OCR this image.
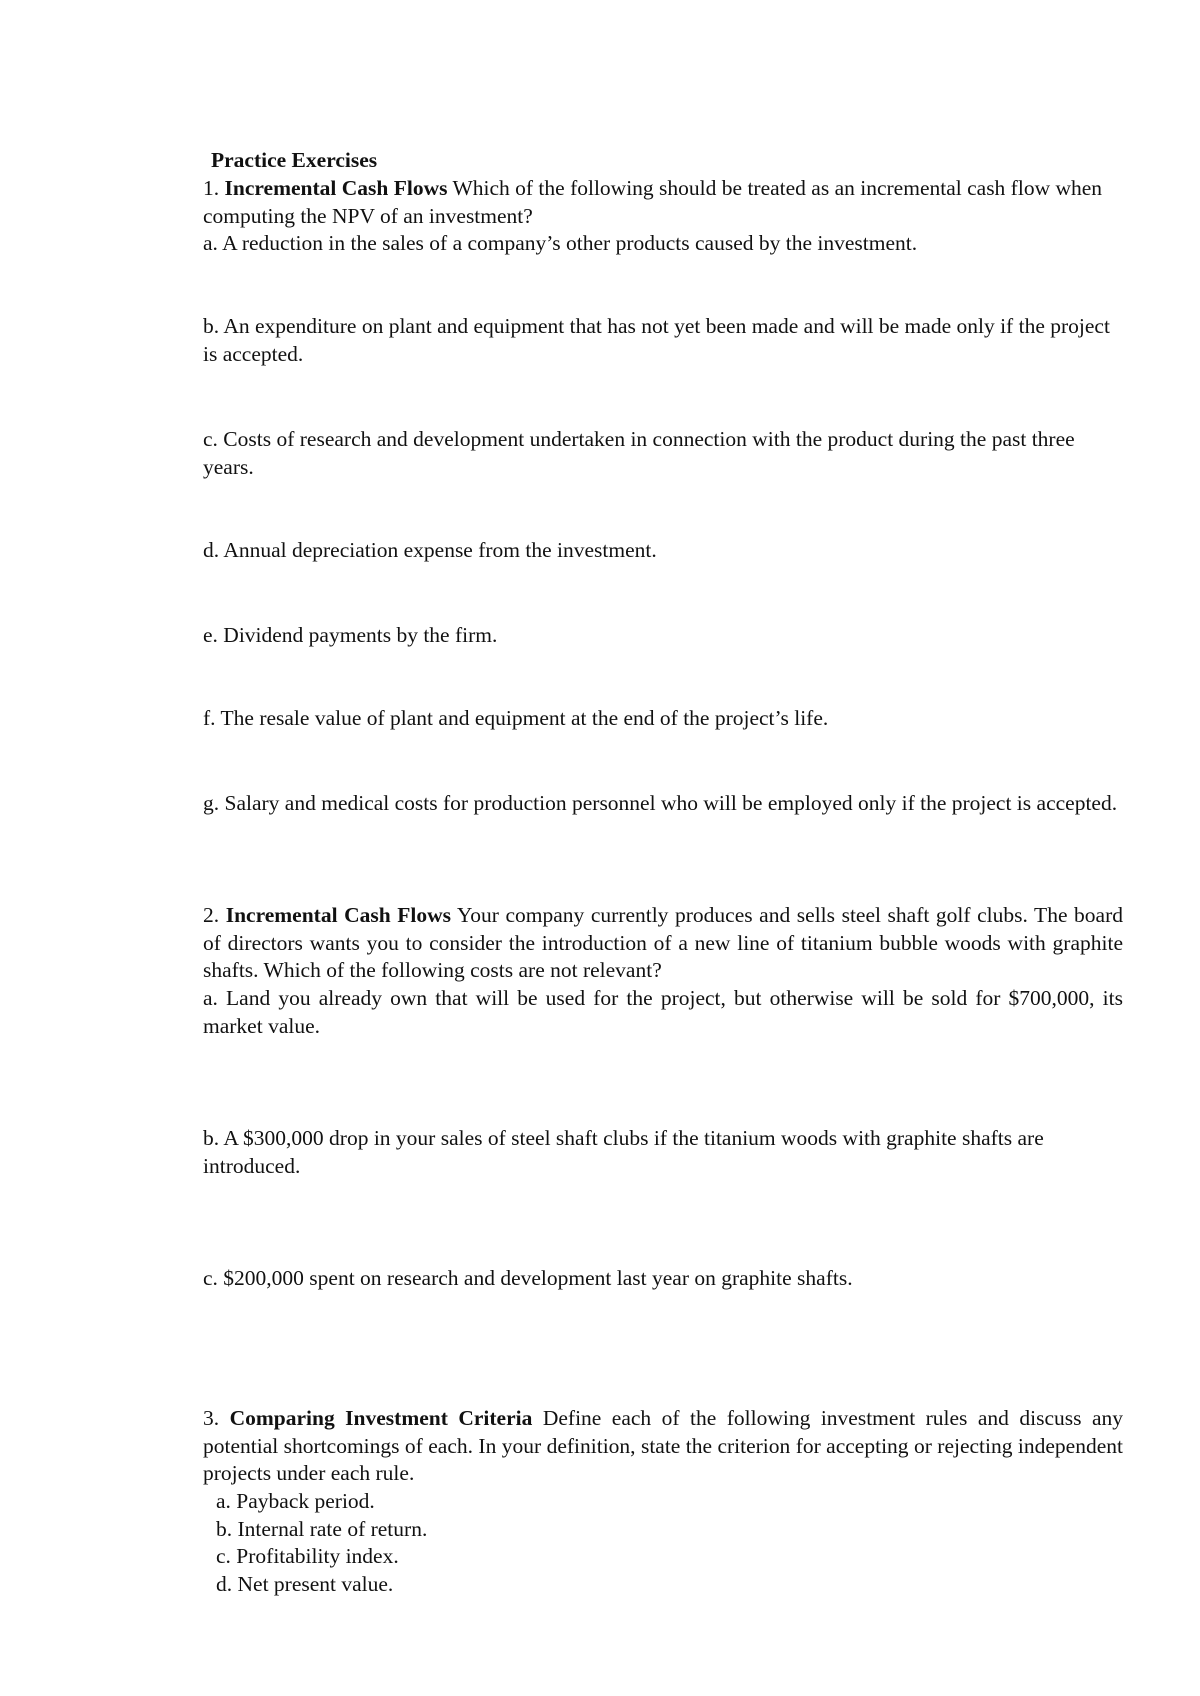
Practice Exercises
1. Incremental Cash Flows Which of the following should be treated as an incremental cash flow when computing the NPV of an investment?
a. A reduction in the sales of a company’s other products caused by the investment.
b. An expenditure on plant and equipment that has not yet been made and will be made only if the project is accepted.
c. Costs of research and development undertaken in connection with the product during the past three years.
d. Annual depreciation expense from the investment.
e. Dividend payments by the firm.
f. The resale value of plant and equipment at the end of the project’s life.
g. Salary and medical costs for production personnel who will be employed only if the project is accepted.
2. Incremental Cash Flows Your company currently produces and sells steel shaft golf clubs. The board of directors wants you to consider the introduction of a new line of titanium bubble woods with graphite shafts. Which of the following costs are not relevant?
a. Land you already own that will be used for the project, but otherwise will be sold for $700,000, its market value.
b. A $300,000 drop in your sales of steel shaft clubs if the titanium woods with graphite shafts are introduced.
c. $200,000 spent on research and development last year on graphite shafts.
3. Comparing Investment Criteria Define each of the following investment rules and discuss any potential shortcomings of each. In your definition, state the criterion for accepting or rejecting independent projects under each rule.
a. Payback period.
b. Internal rate of return.
c. Profitability index.
d. Net present value.
